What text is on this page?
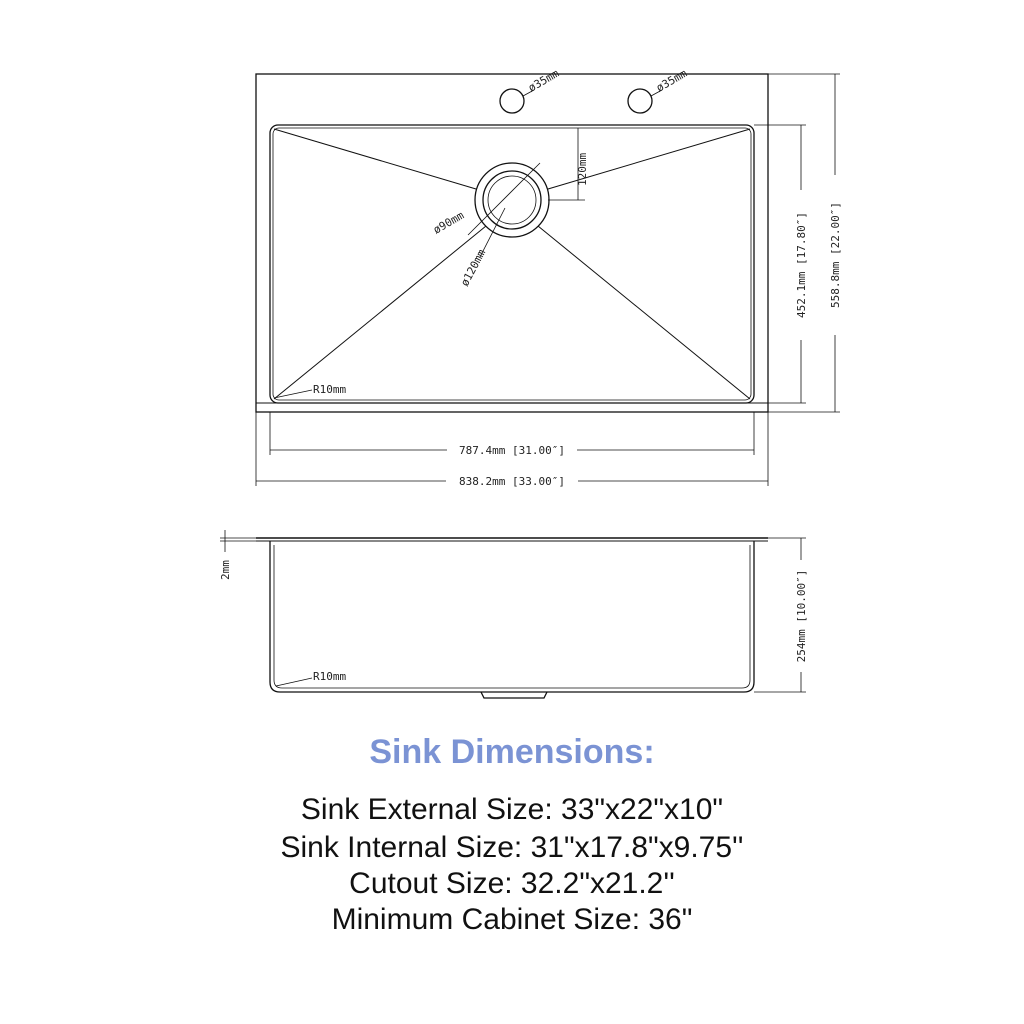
ø35mm	ø35mm
120mm
ø90mm
ø120mm
R10mm
787.4mm [31.00″]
838.2mm [33.00″]
452.1mm [17.80″] 558.8mm [22.00″]
2mm
R10mm
254mm [10.00″]
Sink Dimensions:
Sink External Size: 33"x22"x10"
Sink Internal Size: 31"x17.8"x9.75''
Cutout Size: 32.2"x21.2''
Minimum Cabinet Size: 36"
